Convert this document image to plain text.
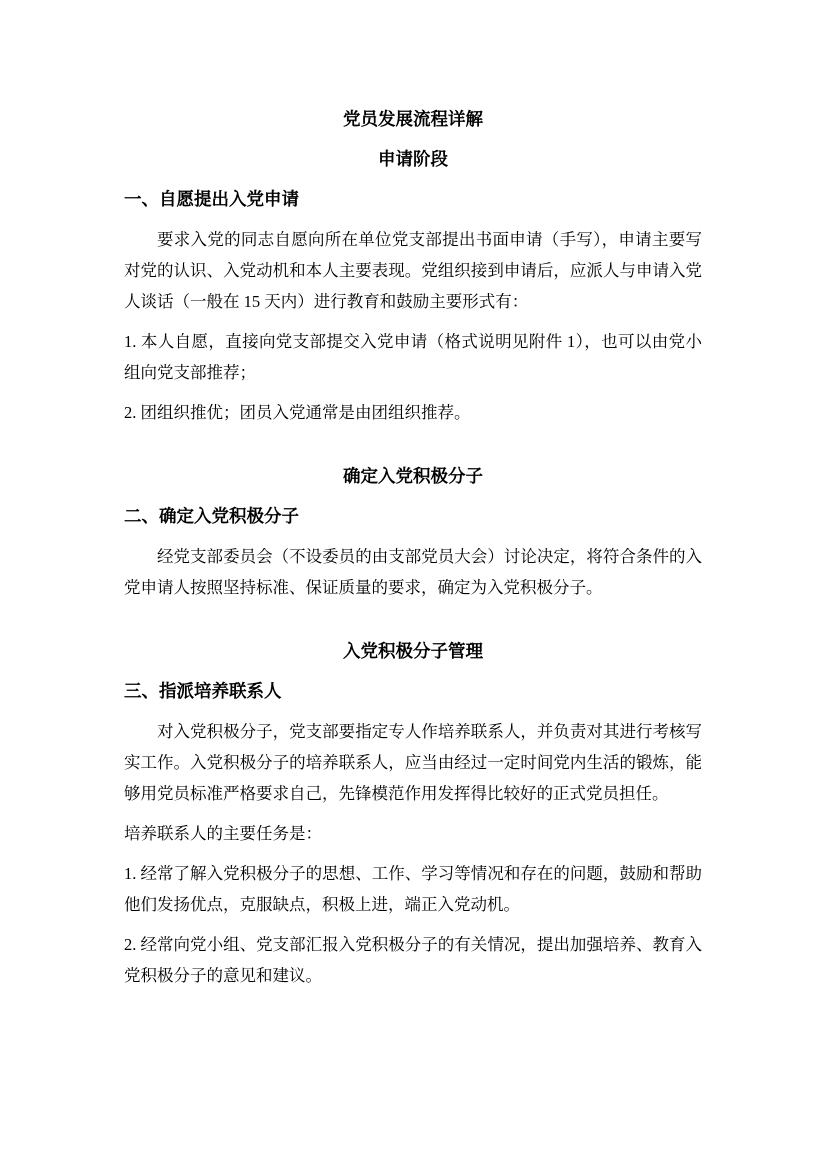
党员发展流程详解
申请阶段
一、自愿提出入党申请

要求入党的同志自愿向所在单位党支部提出书面申请（手写），申请主要写对党的认识、入党动机和本人主要表现。党组织接到申请后，应派人与申请入党人谈话（一般在 15 天内）进行教育和鼓励主要形式有：

1. 本人自愿，直接向党支部提交入党申请（格式说明见附件 1），也可以由党小组向党支部推荐；

2. 团组织推优；团员入党通常是由团组织推荐。

确定入党积极分子
二、确定入党积极分子

经党支部委员会（不设委员的由支部党员大会）讨论决定，将符合条件的入党申请人按照坚持标准、保证质量的要求，确定为入党积极分子。

入党积极分子管理
三、指派培养联系人

对入党积极分子，党支部要指定专人作培养联系人，并负责对其进行考核写实工作。入党积极分子的培养联系人，应当由经过一定时间党内生活的锻炼，能够用党员标准严格要求自己，先锋模范作用发挥得比较好的正式党员担任。

培养联系人的主要任务是：

1. 经常了解入党积极分子的思想、工作、学习等情况和存在的问题，鼓励和帮助他们发扬优点，克服缺点，积极上进，端正入党动机。

2. 经常向党小组、党支部汇报入党积极分子的有关情况，提出加强培养、教育入党积极分子的意见和建议。
